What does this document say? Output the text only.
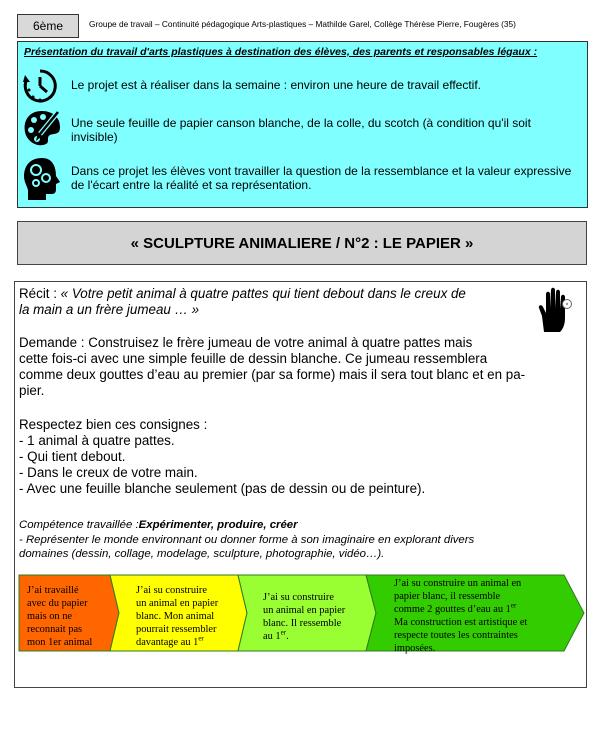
6ème	Groupe de travail – Continuité pédagogique Arts-plastiques – Mathilde Garel, Collège Thérèse Pierre, Fougères (35)
Présentation du travail d'arts plastiques à destination des élèves, des parents et responsables légaux :
Le projet est à réaliser dans la semaine : environ une heure de travail effectif.
Une seule feuille de papier canson blanche, de la colle, du scotch (à condition qu'il soit invisible)
Dans ce projet les élèves vont travailler la question de la ressemblance et la valeur expressive de l'écart entre la réalité et sa représentation.
« SCULPTURE ANIMALIERE / N°2 : LE PAPIER »
Récit : « Votre petit animal à quatre pattes qui tient debout dans le creux de
la main a un frère jumeau … »
Demande : Construisez le frère jumeau de votre animal à quatre pattes mais
cette fois-ci avec une simple feuille de dessin blanche. Ce jumeau ressemblera
comme deux gouttes d’eau au premier (par sa forme) mais il sera tout blanc et en pa-
pier.
Respectez bien ces consignes :
- 1 animal à quatre pattes.
- Qui tient debout.
- Dans le creux de votre main.
- Avec une feuille blanche seulement (pas de dessin ou de peinture).
Compétence travaillée :Expérimenter, produire, créer
- Représenter le monde environnant ou donner forme à son imaginaire en explorant divers
domaines (dessin, collage, modelage, sculpture, photographie, vidéo…).
J’ai travaillé
avec du papier
mais on ne
reconnait pas
mon 1er animal
J’ai su construire
un animal en papier
blanc. Mon animal
pourrait ressembler
davantage au 1er
J’ai su construire
un animal en papier
blanc. Il ressemble
au 1er.
J’ai su construire un animal en
papier blanc, il ressemble
comme 2 gouttes d’eau au 1er
Ma construction est artistique et
respecte toutes les contraintes
imposées.
